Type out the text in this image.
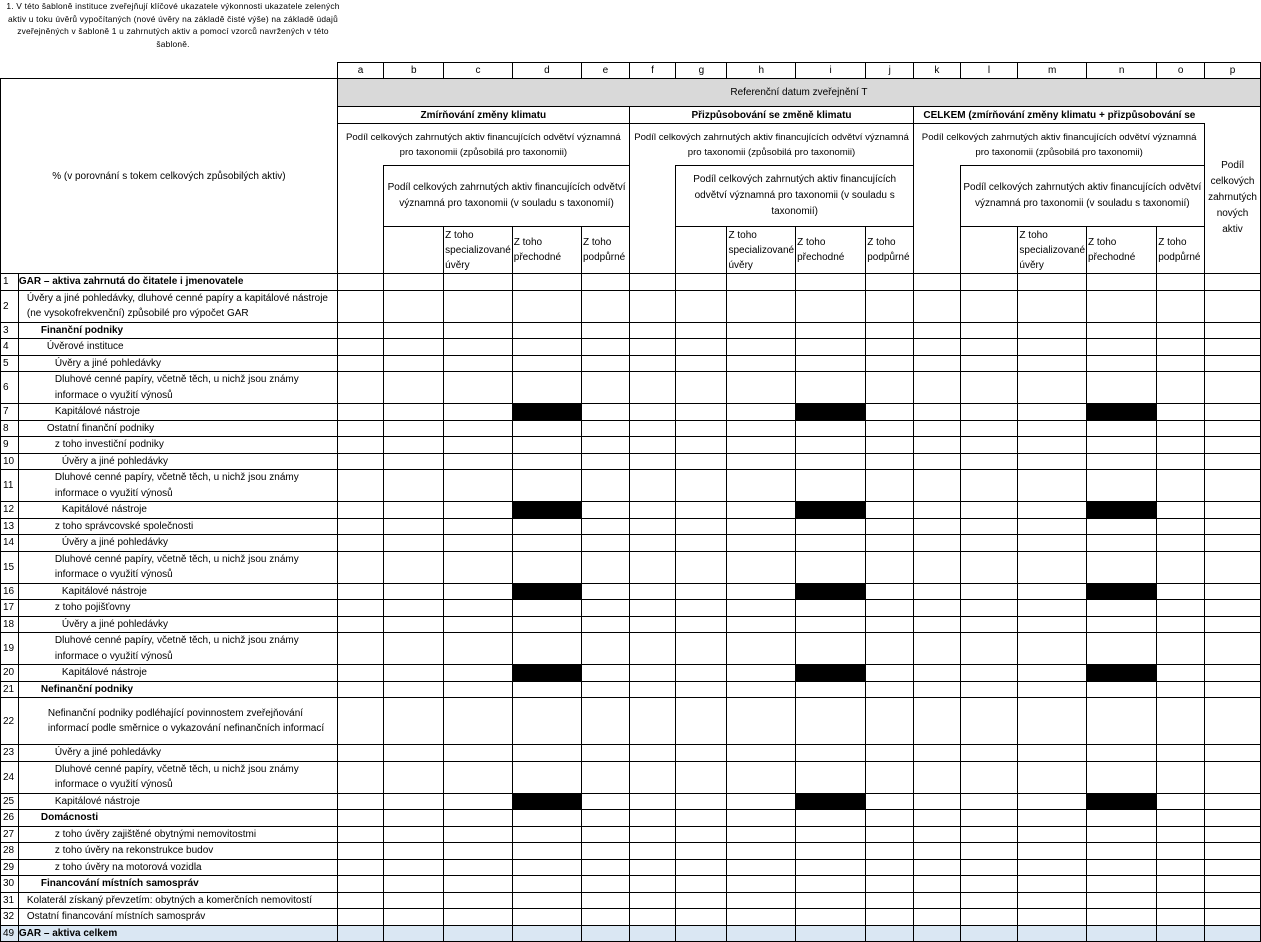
1. V této šabloně instituce zveřejňují klíčové ukazatele výkonnosti ukazatele zelených aktiv u toku úvěrů vypočítaných (nové úvěry na základě čisté výše) na základě údajů zveřejněných v šabloně 1 u zahrnutých aktiv a pomocí vzorců navržených v této šabloně.
		a	b	c	d	e	f	g	h	i	j	k	l	m	n	o	p
% (v porovnání s tokem celkových způsobilých aktiv)		Referenční datum zveřejnění T															
		Zmírňování změny klimatu					Přizpůsobování se změně klimatu					CELKEM (zmírňování změny klimatu + přizpůsobování se					
		Podíl celkových zahrnutých aktiv financujících odvětví významná pro taxonomii (způsobilá pro taxonomii)					Podíl celkových zahrnutých aktiv financujících odvětví významná pro taxonomii (způsobilá pro taxonomii)					Podíl celkových zahrnutých aktiv financujících odvětví významná pro taxonomii (způsobilá pro taxonomii)					Podíl celkových zahrnutých nových aktiv
			Podíl celkových zahrnutých aktiv financujících odvětví významná pro taxonomii (v souladu s taxonomií)					Podíl celkových zahrnutých aktiv financujících odvětví významná pro taxonomii (v souladu s taxonomií)					Podíl celkových zahrnutých aktiv financujících odvětví významná pro taxonomii (v souladu s taxonomií)				
				Z toho specializované úvěry	Z toho přechodné	Z toho podpůrné			Z toho specializované úvěry	Z toho přechodné	Z toho podpůrné			Z toho specializované úvěry	Z toho přechodné	Z toho podpůrné	
1	GAR – aktiva zahrnutá do čitatele i jmenovatele																
2	Úvěry a jiné pohledávky, dluhové cenné papíry a kapitálové nástroje (ne vysokofrekvenční) způsobilé pro výpočet GAR																
3	Finanční podniky																
4	Úvěrové instituce																
5	Úvěry a jiné pohledávky																
6	Dluhové cenné papíry, včetně těch, u nichž jsou známy informace o využití výnosů																
7	Kapitálové nástroje																
8	Ostatní finanční podniky																
9	z toho investiční podniky																
10	Úvěry a jiné pohledávky																
11	Dluhové cenné papíry, včetně těch, u nichž jsou známy informace o využití výnosů																
12	Kapitálové nástroje																
13	z toho správcovské společnosti																
14	Úvěry a jiné pohledávky																
15	Dluhové cenné papíry, včetně těch, u nichž jsou známy informace o využití výnosů																
16	Kapitálové nástroje																
17	z toho pojišťovny																
18	Úvěry a jiné pohledávky																
19	Dluhové cenné papíry, včetně těch, u nichž jsou známy informace o využití výnosů																
20	Kapitálové nástroje																
21	Nefinanční podniky																
22	Nefinanční podniky podléhající povinnostem zveřejňování informací podle směrnice o vykazování nefinančních informací																
23	Úvěry a jiné pohledávky																
24	Dluhové cenné papíry, včetně těch, u nichž jsou známy informace o využití výnosů																
25	Kapitálové nástroje																
26	Domácnosti																
27	z toho úvěry zajištěné obytnými nemovitostmi																
28	z toho úvěry na rekonstrukce budov																
29	z toho úvěry na motorová vozidla																
30	Financování místních samospráv																
31	Kolaterál získaný převzetím: obytných a komerčních nemovitostí																
32	Ostatní financování místních samospráv																
49	GAR – aktiva celkem																
